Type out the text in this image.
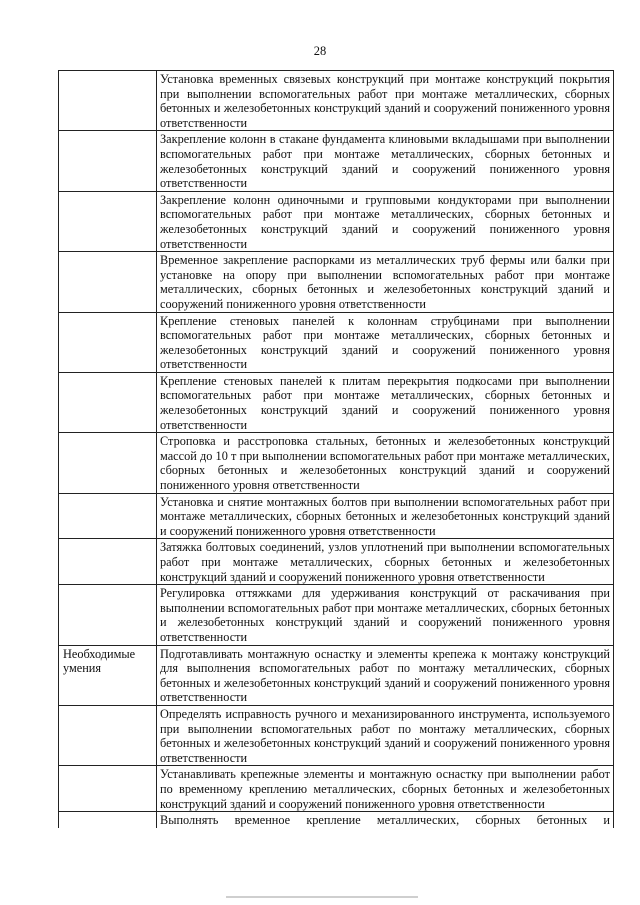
28
	Установка временных связевых конструкций при монтаже конструкций покрытия при выполнении вспомогательных работ при монтаже металлических, сборных бетонных и железобетонных конструкций зданий и сооружений пониженного уровня ответственности
	Закрепление колонн в стакане фундамента клиновыми вкладышами при выполнении вспомогательных работ при монтаже металлических, сборных бетонных и железобетонных конструкций зданий и сооружений пониженного уровня ответственности
	Закрепление колонн одиночными и групповыми кондукторами при выполнении вспомогательных работ при монтаже металлических, сборных бетонных и железобетонных конструкций зданий и сооружений пониженного уровня ответственности
	Временное закрепление распорками из металлических труб фермы или балки при установке на опору при выполнении вспомогательных работ при монтаже металлических, сборных бетонных и железобетонных конструкций зданий и сооружений пониженного уровня ответственности
	Крепление стеновых панелей к колоннам струбцинами при выполнении вспомогательных работ при монтаже металлических, сборных бетонных и железобетонных конструкций зданий и сооружений пониженного уровня ответственности
	Крепление стеновых панелей к плитам перекрытия подкосами при выполнении вспомогательных работ при монтаже металлических, сборных бетонных и железобетонных конструкций зданий и сооружений пониженного уровня ответственности
	Строповка и расстроповка стальных, бетонных и железобетонных конструкций массой до 10 т при выполнении вспомогательных работ при монтаже металлических, сборных бетонных и железобетонных конструкций зданий и сооружений пониженного уровня ответственности
	Установка и снятие монтажных болтов при выполнении вспомогательных работ при монтаже металлических, сборных бетонных и железобетонных конструкций зданий и сооружений пониженного уровня ответственности
	Затяжка болтовых соединений, узлов уплотнений при выполнении вспомогательных работ при монтаже металлических, сборных бетонных и железобетонных конструкций зданий и сооружений пониженного уровня ответственности
	Регулировка оттяжками для удерживания конструкций от раскачивания при выполнении вспомогательных работ при монтаже металлических, сборных бетонных и железобетонных конструкций зданий и сооружений пониженного уровня ответственности
Необходимые умения	Подготавливать монтажную оснастку и элементы крепежа к монтажу конструкций для выполнения вспомогательных работ по монтажу металлических, сборных бетонных и железобетонных конструкций зданий и сооружений пониженного уровня ответственности
	Определять исправность ручного и механизированного инструмента, используемого при выполнении вспомогательных работ по монтажу металлических, сборных бетонных и железобетонных конструкций зданий и сооружений пониженного уровня ответственности
	Устанавливать крепежные элементы и монтажную оснастку при выполнении работ по временному креплению металлических, сборных бетонных и железобетонных конструкций зданий и сооружений пониженного уровня ответственности
	Выполнять временное крепление металлических, сборных бетонных и
